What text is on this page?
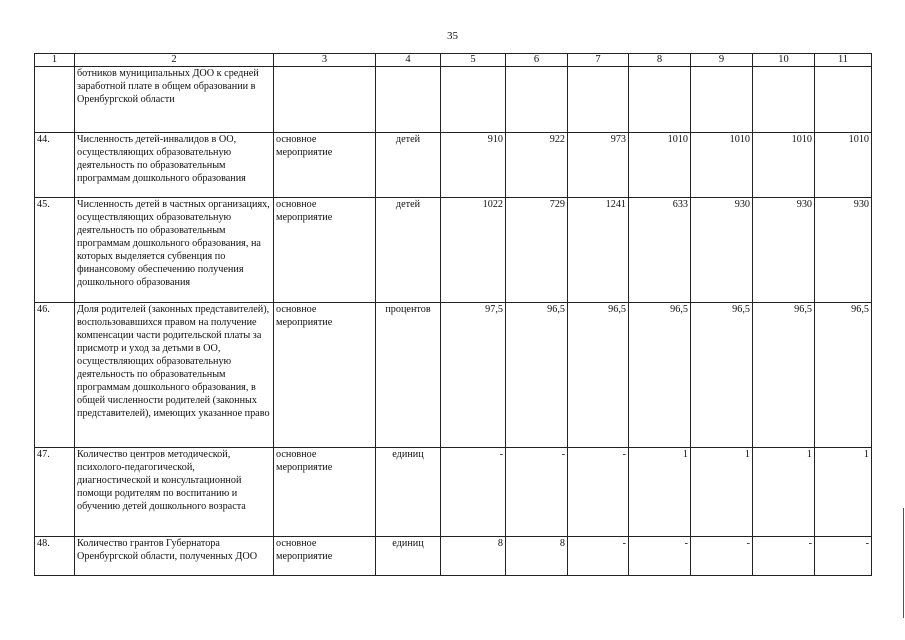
35
1	2	3	4	5	6	7	8	9	10	11
	ботников муниципальных ДОО к средней заработной плате в общем образовании в Оренбургской области									
44.	Численность детей-инвалидов в ОО, осуществляющих образовательную деятельность по образовательным программам дошкольного образования	основное мероприятие	детей	910	922	973	1010	1010	1010	1010
45.	Численность детей в частных организациях, осуществляющих образовательную деятельность по образовательным программам дошкольного образования, на которых выделяется субвенция по финансовому обеспечению получения дошкольного образования	основное мероприятие	детей	1022	729	1241	633	930	930	930
46.	Доля родителей (законных представителей), воспользовавшихся правом на получение компенсации части родительской платы за присмотр и уход за детьми в ОО, осуществляющих образовательную деятельность по образовательным программам дошкольного образования, в общей численности родителей (законных представителей), имеющих указанное право	основное мероприятие	процентов	97,5	96,5	96,5	96,5	96,5	96,5	96,5
47.	Количество центров методической, психолого-педагогической, диагностической и консультационной помощи родителям по воспитанию и обучению детей дошкольного возраста	основное мероприятие	единиц	-	-	-	1	1	1	1
48.	Количество грантов Губернатора Оренбургской области, полученных ДОО	основное мероприятие	единиц	8	8	-	-	-	-	-
